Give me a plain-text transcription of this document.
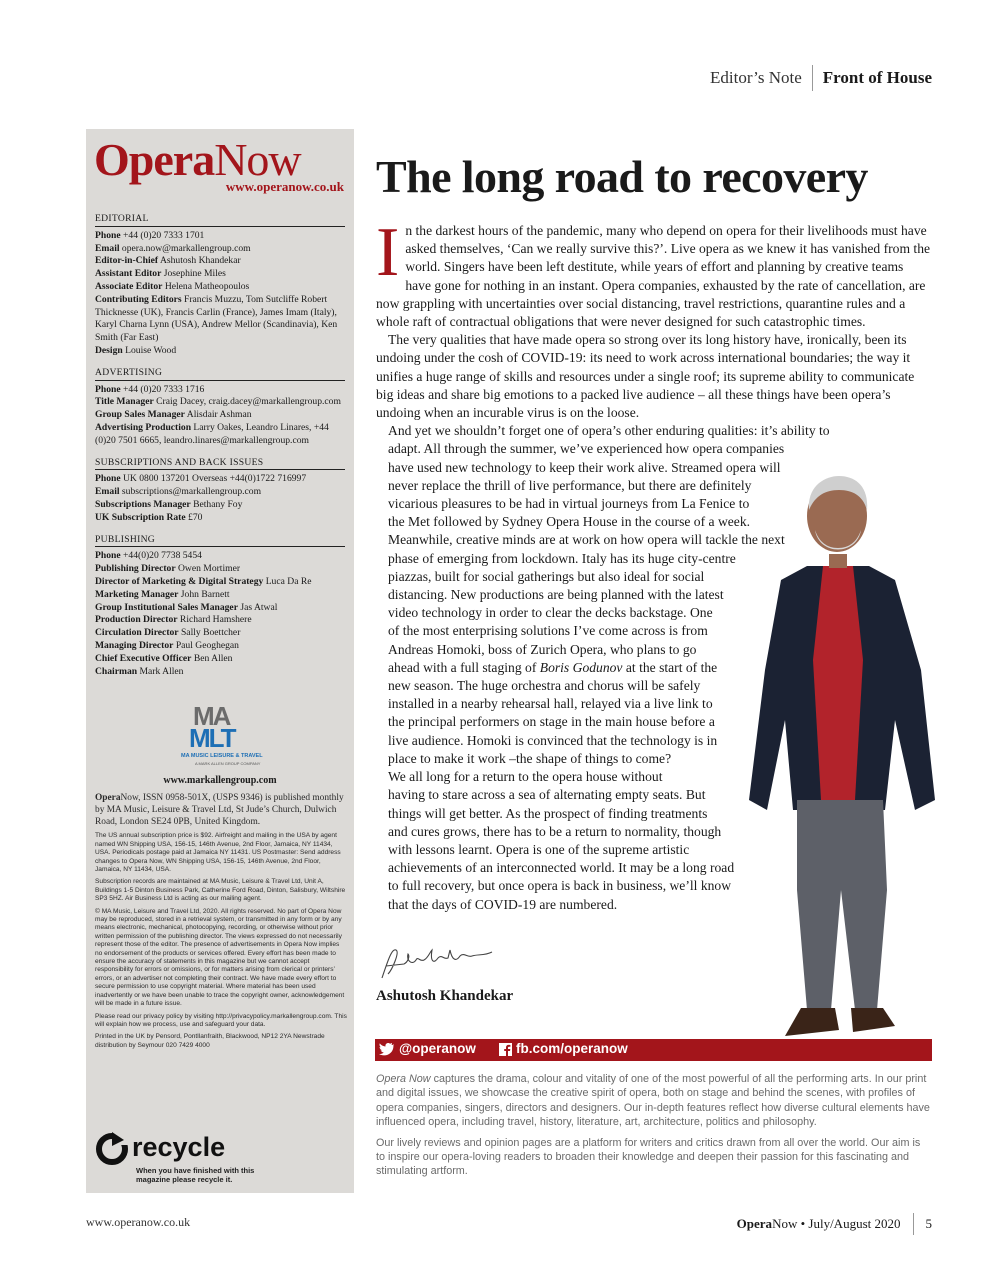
Editor’s Note	Front of House
OperaNow
www.operanow.co.uk
EDITORIAL
Phone +44 (0)20 7333 1701
Email opera.now@markallengroup.com
Editor-in-Chief Ashutosh Khandekar
Assistant Editor Josephine Miles
Associate Editor Helena Matheopoulos
Contributing Editors Francis Muzzu, Tom Sutcliffe Robert Thicknesse (UK), Francis Carlin (France), James Imam (Italy), Karyl Charna Lynn (USA), Andrew Mellor (Scandinavia), Ken Smith (Far East)
Design Louise Wood
ADVERTISING
Phone +44 (0)20 7333 1716
Title Manager Craig Dacey, craig.dacey@markallengroup.com
Group Sales Manager Alisdair Ashman
Advertising Production Larry Oakes, Leandro Linares, +44 (0)20 7501 6665, leandro.linares@markallengroup.com
SUBSCRIPTIONS AND BACK ISSUES
Phone UK 0800 137201 Overseas +44(0)1722 716997
Email subscriptions@markallengroup.com
Subscriptions Manager Bethany Foy
UK Subscription Rate £70
PUBLISHING
Phone +44(0)20 7738 5454
Publishing Director Owen Mortimer
Director of Marketing & Digital Strategy Luca Da Re
Marketing Manager John Barnett
Group Institutional Sales Manager Jas Atwal
Production Director Richard Hamshere
Circulation Director Sally Boettcher
Managing Director Paul Geoghegan
Chief Executive Officer Ben Allen
Chairman Mark Allen
MA
MLT
MA MUSIC LEISURE & TRAVEL
A MARK ALLEN GROUP COMPANY
www.markallengroup.com

OperaNow, ISSN 0958-501X, (USPS 9346) is published monthly by MA Music, Leisure & Travel Ltd, St Jude’s Church, Dulwich Road, London SE24 0PB, United Kingdom.

The US annual subscription price is $92. Airfreight and mailing in the USA by agent named WN Shipping USA, 156-15, 146th Avenue, 2nd Floor, Jamaica, NY 11434, USA. Periodicals postage paid at Jamaica NY 11431. US Postmaster: Send address changes to Opera Now, WN Shipping USA, 156-15, 146th Avenue, 2nd Floor, Jamaica, NY 11434, USA.

Subscription records are maintained at MA Music, Leisure & Travel Ltd, Unit A, Buildings 1-5 Dinton Business Park, Catherine Ford Road, Dinton, Salisbury, Wiltshire SP3 5HZ. Air Business Ltd is acting as our mailing agent.

© MA Music, Leisure and Travel Ltd, 2020. All rights reserved. No part of Opera Now may be reproduced, stored in a retrieval system, or transmitted in any form or by any means electronic, mechanical, photocopying, recording, or otherwise without prior written permission of the publishing director. The views expressed do not necessarily represent those of the editor. The presence of advertisements in Opera Now implies no endorsement of the products or services offered. Every effort has been made to ensure the accuracy of statements in this magazine but we cannot accept responsibility for errors or omissions, or for matters arising from clerical or printers’ errors, or an advertiser not completing their contract. We have made every effort to secure permission to use copyright material. Where material has been used inadvertently or we have been unable to trace the copyright owner, acknowledgement will be made in a future issue.

Please read our privacy policy by visiting http://privacypolicy.markallengroup.com. This will explain how we process, use and safeguard your data.

Printed in the UK by Pensord, Pontllanfraith, Blackwood, NP12 2YA Newstrade distribution by Seymour 020 7429 4000

recycle
When you have finished with this magazine please recycle it.
The long road to recovery

In the darkest hours of the pandemic, many who depend on opera for their livelihoods must have asked themselves, ‘Can we really survive this?’. Live opera as we knew it has vanished from the world. Singers have been left destitute, while years of effort and planning by creative teams have gone for nothing in an instant. Opera companies, exhausted by the rate of cancellation, are now grappling with uncertainties over social distancing, travel restrictions, quarantine rules and a whole raft of contractual obligations that were never designed for such catastrophic times.

The very qualities that have made opera so strong over its long history have, ironically, been its undoing under the cosh of COVID-19: its need to work across international boundaries; the way it unifies a huge range of skills and resources under a single roof; its supreme ability to communicate big ideas and share big emotions to a packed live audience – all these things have been opera’s undoing when an incurable virus is on the loose.

And yet we shouldn’t forget one of opera’s other enduring qualities: it’s ability to
adapt. All through the summer, we’ve experienced how opera companies
have used new technology to keep their work alive. Streamed opera will
never replace the thrill of live performance, but there are definitely
vicarious pleasures to be had in virtual journeys from La Fenice to
the Met followed by Sydney Opera House in the course of a week.
Meanwhile, creative minds are at work on how opera will tackle the next
phase of emerging from lockdown. Italy has its huge city-centre
piazzas, built for social gatherings but also ideal for social
distancing. New productions are being planned with the latest
video technology in order to clear the decks backstage. One
of the most enterprising solutions I’ve come across is from
Andreas Homoki, boss of Zurich Opera, who plans to go
ahead with a full staging of Boris Godunov at the start of the
new season. The huge orchestra and chorus will be safely
installed in a nearby rehearsal hall, relayed via a live link to
the principal performers on stage in the main house before a
live audience. Homoki is convinced that the technology is in
place to make it work –the shape of things to come?

We all long for a return to the opera house without
having to stare across a sea of alternating empty seats. But
things will get better. As the prospect of finding treatments
and cures grows, there has to be a return to normality, though
with lessons learnt. Opera is one of the supreme artistic
achievements of an interconnected world. It may be a long road
to full recovery, but once opera is back in business, we’ll know
that the days of COVID-19 are numbered.

Ashutosh Khandekar
@operanow	fb.com/operanow

Opera Now captures the drama, colour and vitality of one of the most powerful of all the performing arts. In our print and digital issues, we showcase the creative spirit of opera, both on stage and behind the scenes, with profiles of opera companies, singers, directors and designers. Our in-depth features reflect how diverse cultural elements have influenced opera, including travel, history, literature, art, architecture, politics and philosophy.

Our lively reviews and opinion pages are a platform for writers and critics drawn from all over the world. Our aim is to inspire our opera-loving readers to broaden their knowledge and deepen their passion for this fascinating and stimulating artform.

www.operanow.co.uk	OperaNow • July/August 2020 5
